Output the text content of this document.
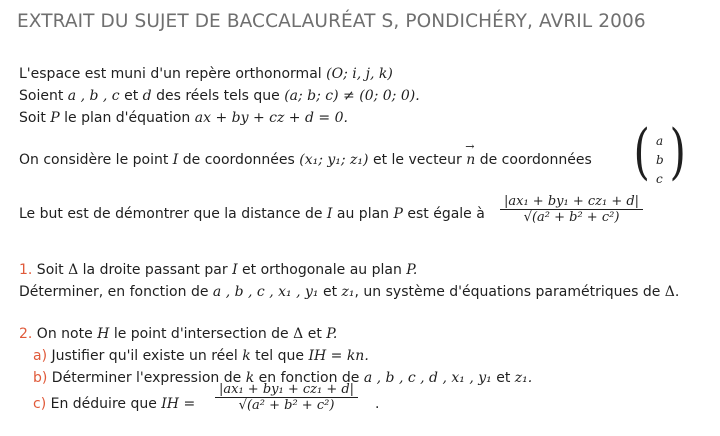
EXTRAIT DU SUJET DE BACCALAURÉAT S, PONDICHÉRY, AVRIL 2006
L'espace est muni d'un repère orthonormal (O; i, j, k)
Soient a , b , c et d des réels tels que (a; b; c) ≠ (0; 0; 0).
Soit P le plan d'équation ax + by + cz + d = 0.
On considère le point I de coordonnées (x₁; y₁; z₁) et le vecteur → n de coordonnées ( a
b
c )
Le but est de démontrer que la distance de I au plan P est égale à $\frac{\text{|ax₁ + by₁ + cz₁ + d|}}{\text{√(a² + b² + c²)}}$
1. Soit Δ la droite passant par I et orthogonale au plan P.
Déterminer, en fonction de a , b , c , x₁ , y₁ et z₁, un système d'équations paramétriques de Δ.
2. On note H le point d'intersection de Δ et P.
a) Justifier qu'il existe un réel k tel que IH = kn.
b) Déterminer l'expression de k en fonction de a , b , c , d , x₁ , y₁ et z₁.
c) En déduire que IH = $\frac{\text{|ax₁ + by₁ + cz₁ + d|}}{\text{√(a² + b² + c²)}}$ .
